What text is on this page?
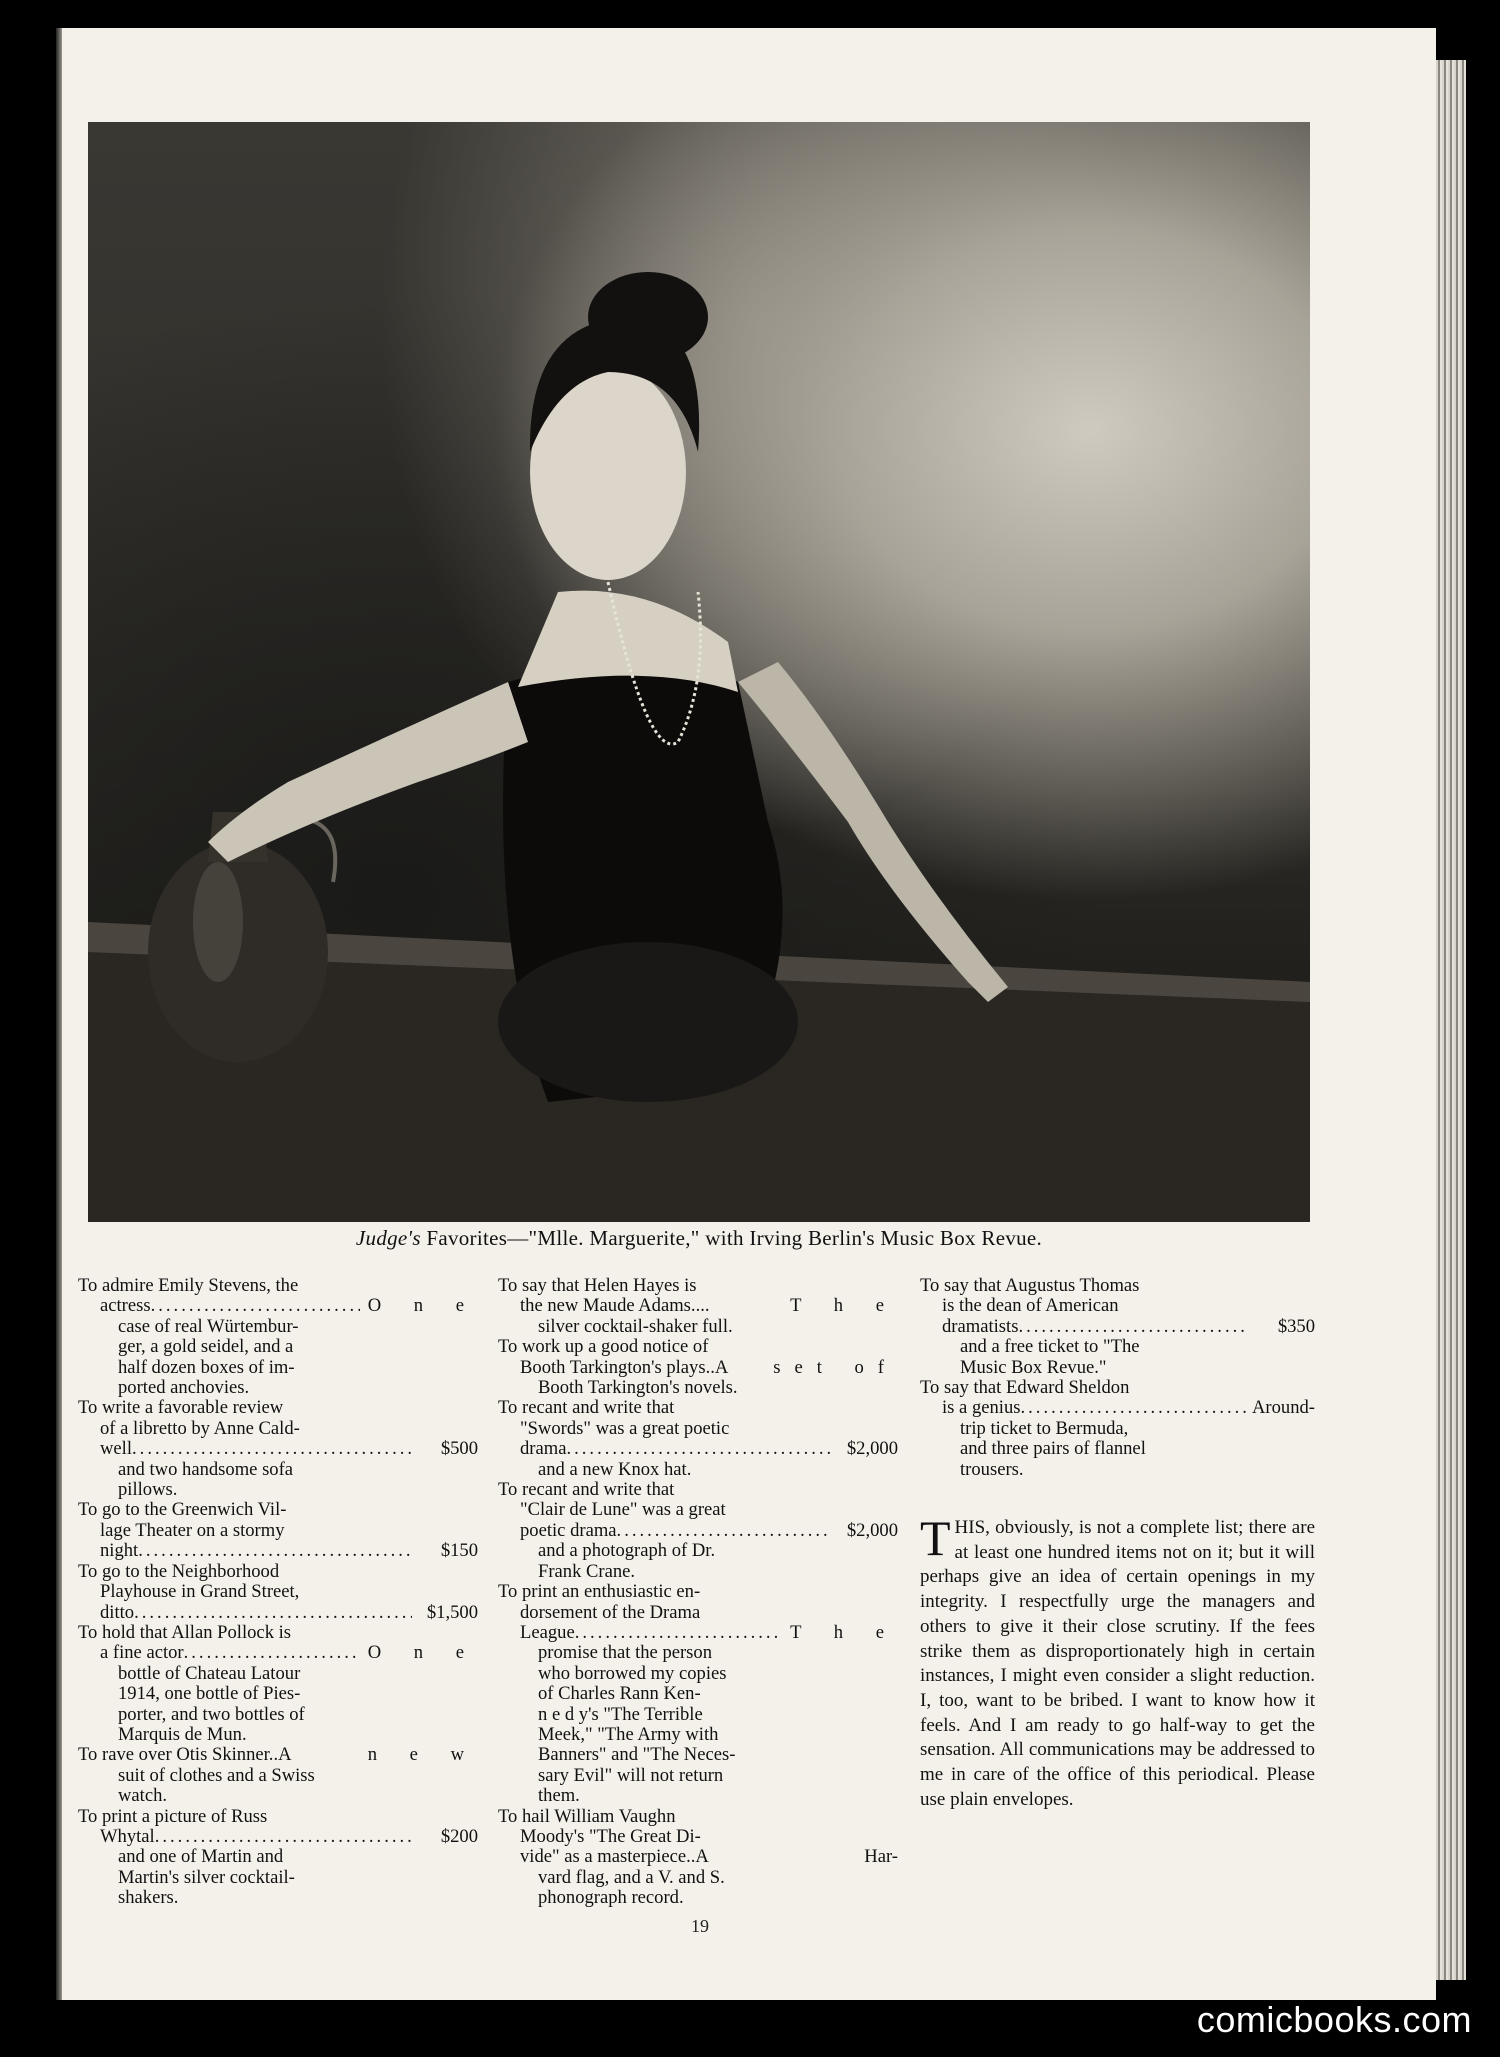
Judge's Favorites—"Mlle. Marguerite," with Irving Berlin's Music Box Revue.
To admire Emily Stevens, the
actress .....	O n e
case of real Würtembur-
ger, a gold seidel, and a
half dozen boxes of im-
ported anchovies.
To write a favorable review
of a libretto by Anne Cald-
well .....	$500
and two handsome sofa
pillows.
To go to the Greenwich Vil-
lage Theater on a stormy
night .....	$150
To go to the Neighborhood
Playhouse in Grand Street,
ditto .....	$1,500
To hold that Allan Pollock is
a fine actor .....	O n e
bottle of Chateau Latour
1914, one bottle of Pies-
porter, and two bottles of
Marquis de Mun.
To rave over Otis Skinner..A	n e w
suit of clothes and a Swiss
watch.
To print a picture of Russ
Whytal .....	$200
and one of Martin and
Martin's silver cocktail-
shakers.
To say that Helen Hayes is
the new Maude Adams....	T h e
silver cocktail-shaker full.
To work up a good notice of
Booth Tarkington's plays..A	set of
Booth Tarkington's novels.
To recant and write that
"Swords" was a great poetic
drama .....	$2,000
and a new Knox hat.
To recant and write that
"Clair de Lune" was a great
poetic drama .....	$2,000
and a photograph of Dr.
Frank Crane.
To print an enthusiastic en-
dorsement of the Drama
League .....	T h e
promise that the person
who borrowed my copies
of Charles Rann Ken-
n e d y's "The Terrible
Meek," "The Army with
Banners" and "The Neces-
sary Evil" will not return
them.
To hail William Vaughn
Moody's "The Great Di-
vide" as a masterpiece..A	Har-
vard flag, and a V. and S.
phonograph record.
To say that Augustus Thomas
is the dean of American
dramatists .....	$350
and a free ticket to "The
Music Box Revue."
To say that Edward Sheldon
is a genius .....	Around-
trip ticket to Bermuda,
and three pairs of flannel
trousers.
THIS, obviously, is not a complete list; there are at least one hundred items not on it; but it will perhaps give an idea of certain openings in my integrity. I respectfully urge the managers and others to give it their close scrutiny. If the fees strike them as disproportionately high in certain instances, I might even consider a slight reduction. I, too, want to be bribed. I want to know how it feels. And I am ready to go half-way to get the sensation. All communications may be addressed to me in care of the office of this periodical. Please use plain envelopes.
19
comicbooks.com
